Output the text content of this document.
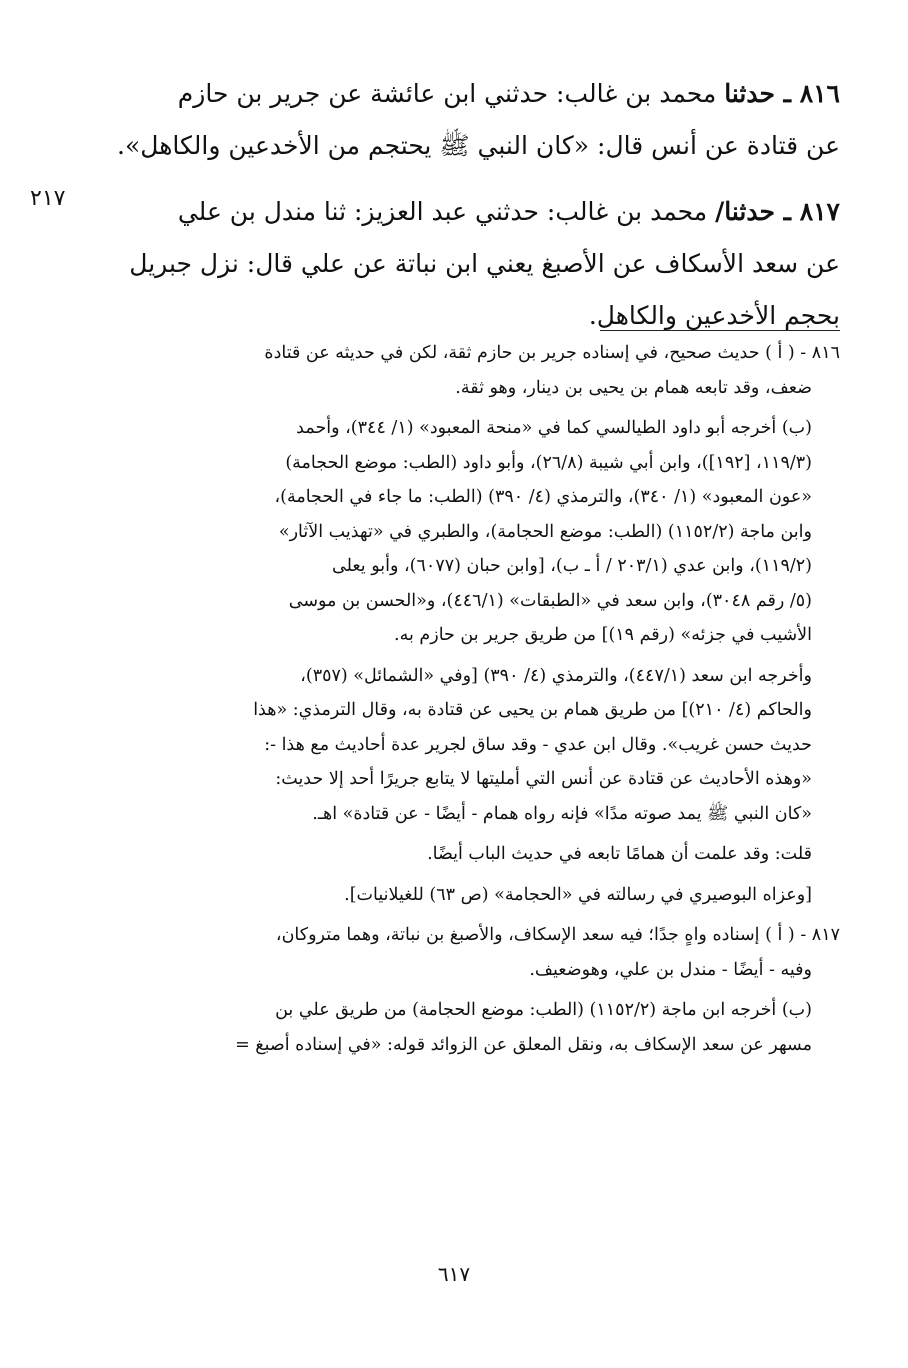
٨١٦ ـ حدثنا محمد بن غالب: حدثني ابن عائشة عن جرير بن حازم
عن قتادة عن أنس قال: «كان النبي ﷺ يحتجم من الأخدعين والكاهل».
٨١٧ ـ حدثنا/ محمد بن غالب: حدثني عبد العزيز: ثنا مندل بن علي
عن سعد الأسكاف عن الأصبغ يعني ابن نباتة عن علي قال: نزل جبريل
بحجم الأخدعين والكاهل.
٢١٧
٨١٦ - ( أ ) حديث صحيح، في إسناده جرير بن حازم ثقة، لكن في حديثه عن قتادة
ضعف، وقد تابعه همام بن يحيى بن دينار، وهو ثقة.
(ب) أخرجه أبو داود الطيالسي كما في «منحة المعبود» (١/ ٣٤٤)، وأحمد
(١١٩/٣، [١٩٢])، وابن أبي شيبة (٢٦/٨)، وأبو داود (الطب: موضع الحجامة)
«عون المعبود» (١/ ٣٤٠)، والترمذي (٤/ ٣٩٠) (الطب: ما جاء في الحجامة)،
وابن ماجة (١١٥٢/٢) (الطب: موضع الحجامة)، والطبري في «تهذيب الآثار»
(١١٩/٢)، وابن عدي (٢٠٣/١ / أ ـ ب)، [وابن حبان (٦٠٧٧)، وأبو يعلى
(٥/ رقم ٣٠٤٨)، وابن سعد في «الطبقات» (٤٤٦/١)، و«الحسن بن موسى
الأشيب في جزئه» (رقم ١٩)] من طريق جرير بن حازم به.
وأخرجه ابن سعد (٤٤٧/١)، والترمذي (٤/ ٣٩٠) [وفي «الشمائل» (٣٥٧)،
والحاكم (٤/ ٢١٠)] من طريق همام بن يحيى عن قتادة به، وقال الترمذي: «هذا
حديث حسن غريب». وقال ابن عدي - وقد ساق لجرير عدة أحاديث مع هذا -:
«وهذه الأحاديث عن قتادة عن أنس التي أمليتها لا يتابع جريرًا أحد إلا حديث:
«كان النبي ﷺ يمد صوته مدًا» فإنه رواه همام - أيضًا - عن قتادة» اهـ.
قلت: وقد علمت أن همامًا تابعه في حديث الباب أيضًا.
[وعزاه البوصيري في رسالته في «الحجامة» (ص ٦٣) للغيلانيات].
٨١٧ - ( أ ) إسناده واهٍ جدًا؛ فيه سعد الإسكاف، والأصبغ بن نباتة، وهما متروكان،
وفيه - أيضًا - مندل بن علي، وهوضعيف.
(ب) أخرجه ابن ماجة (١١٥٢/٢) (الطب: موضع الحجامة) من طريق علي بن
مسهر عن سعد الإسكاف به، ونقل المعلق عن الزوائد قوله: «في إسناده أصبغ =
٦١٧
